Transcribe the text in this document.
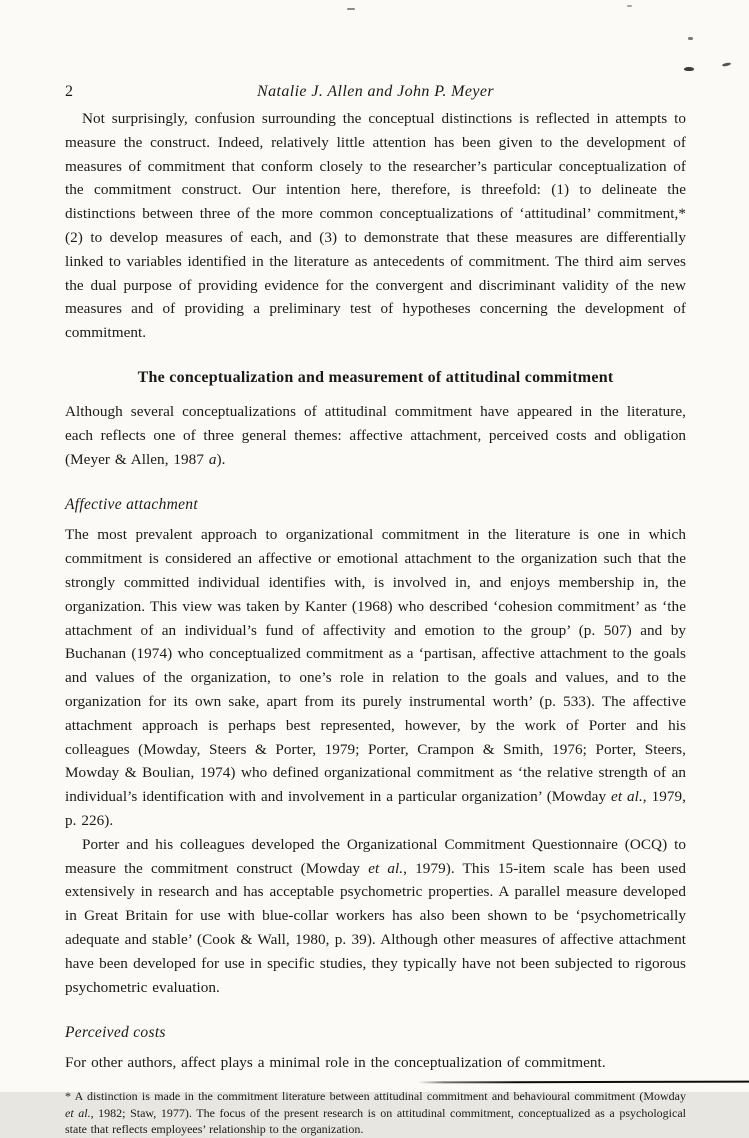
2	Natalie J. Allen and John P. Meyer

Not surprisingly, confusion surrounding the conceptual distinctions is reflected in attempts to measure the construct. Indeed, relatively little attention has been given to the development of measures of commitment that conform closely to the researcher’s particular conceptualization of the commitment construct. Our intention here, therefore, is threefold: (1) to delineate the distinctions between three of the more common conceptualizations of ‘attitudinal’ commitment,* (2) to develop measures of each, and (3) to demonstrate that these measures are differentially linked to variables identified in the literature as antecedents of commitment. The third aim serves the dual purpose of providing evidence for the convergent and discriminant validity of the new measures and of providing a preliminary test of hypotheses concerning the development of commitment.

The conceptualization and measurement of attitudinal commitment

Although several conceptualizations of attitudinal commitment have appeared in the literature, each reflects one of three general themes: affective attachment, perceived costs and obligation (Meyer & Allen, 1987 a).

Affective attachment

The most prevalent approach to organizational commitment in the literature is one in which commitment is considered an affective or emotional attachment to the organization such that the strongly committed individual identifies with, is involved in, and enjoys membership in, the organization. This view was taken by Kanter (1968) who described ‘cohesion commitment’ as ‘the attachment of an individual’s fund of affectivity and emotion to the group’ (p. 507) and by Buchanan (1974) who conceptualized commitment as a ‘partisan, affective attachment to the goals and values of the organization, to one’s role in relation to the goals and values, and to the organization for its own sake, apart from its purely instrumental worth’ (p. 533). The affective attachment approach is perhaps best represented, however, by the work of Porter and his colleagues (Mowday, Steers & Porter, 1979; Porter, Crampon & Smith, 1976; Porter, Steers, Mowday & Boulian, 1974) who defined organizational commitment as ‘the relative strength of an individual’s identification with and involvement in a particular organization’ (Mowday et al., 1979, p. 226).

Porter and his colleagues developed the Organizational Commitment Questionnaire (OCQ) to measure the commitment construct (Mowday et al., 1979). This 15-item scale has been used extensively in research and has acceptable psychometric properties. A parallel measure developed in Great Britain for use with blue-collar workers has also been shown to be ‘psychometrically adequate and stable’ (Cook & Wall, 1980, p. 39). Although other measures of affective attachment have been developed for use in specific studies, they typically have not been subjected to rigorous psychometric evaluation.

Perceived costs

For other authors, affect plays a minimal role in the conceptualization of commitment.

* A distinction is made in the commitment literature between attitudinal commitment and behavioural commitment (Mowday et al., 1982; Staw, 1977). The focus of the present research is on attitudinal commitment, conceptualized as a psychological state that reflects employees’ relationship to the organization.
